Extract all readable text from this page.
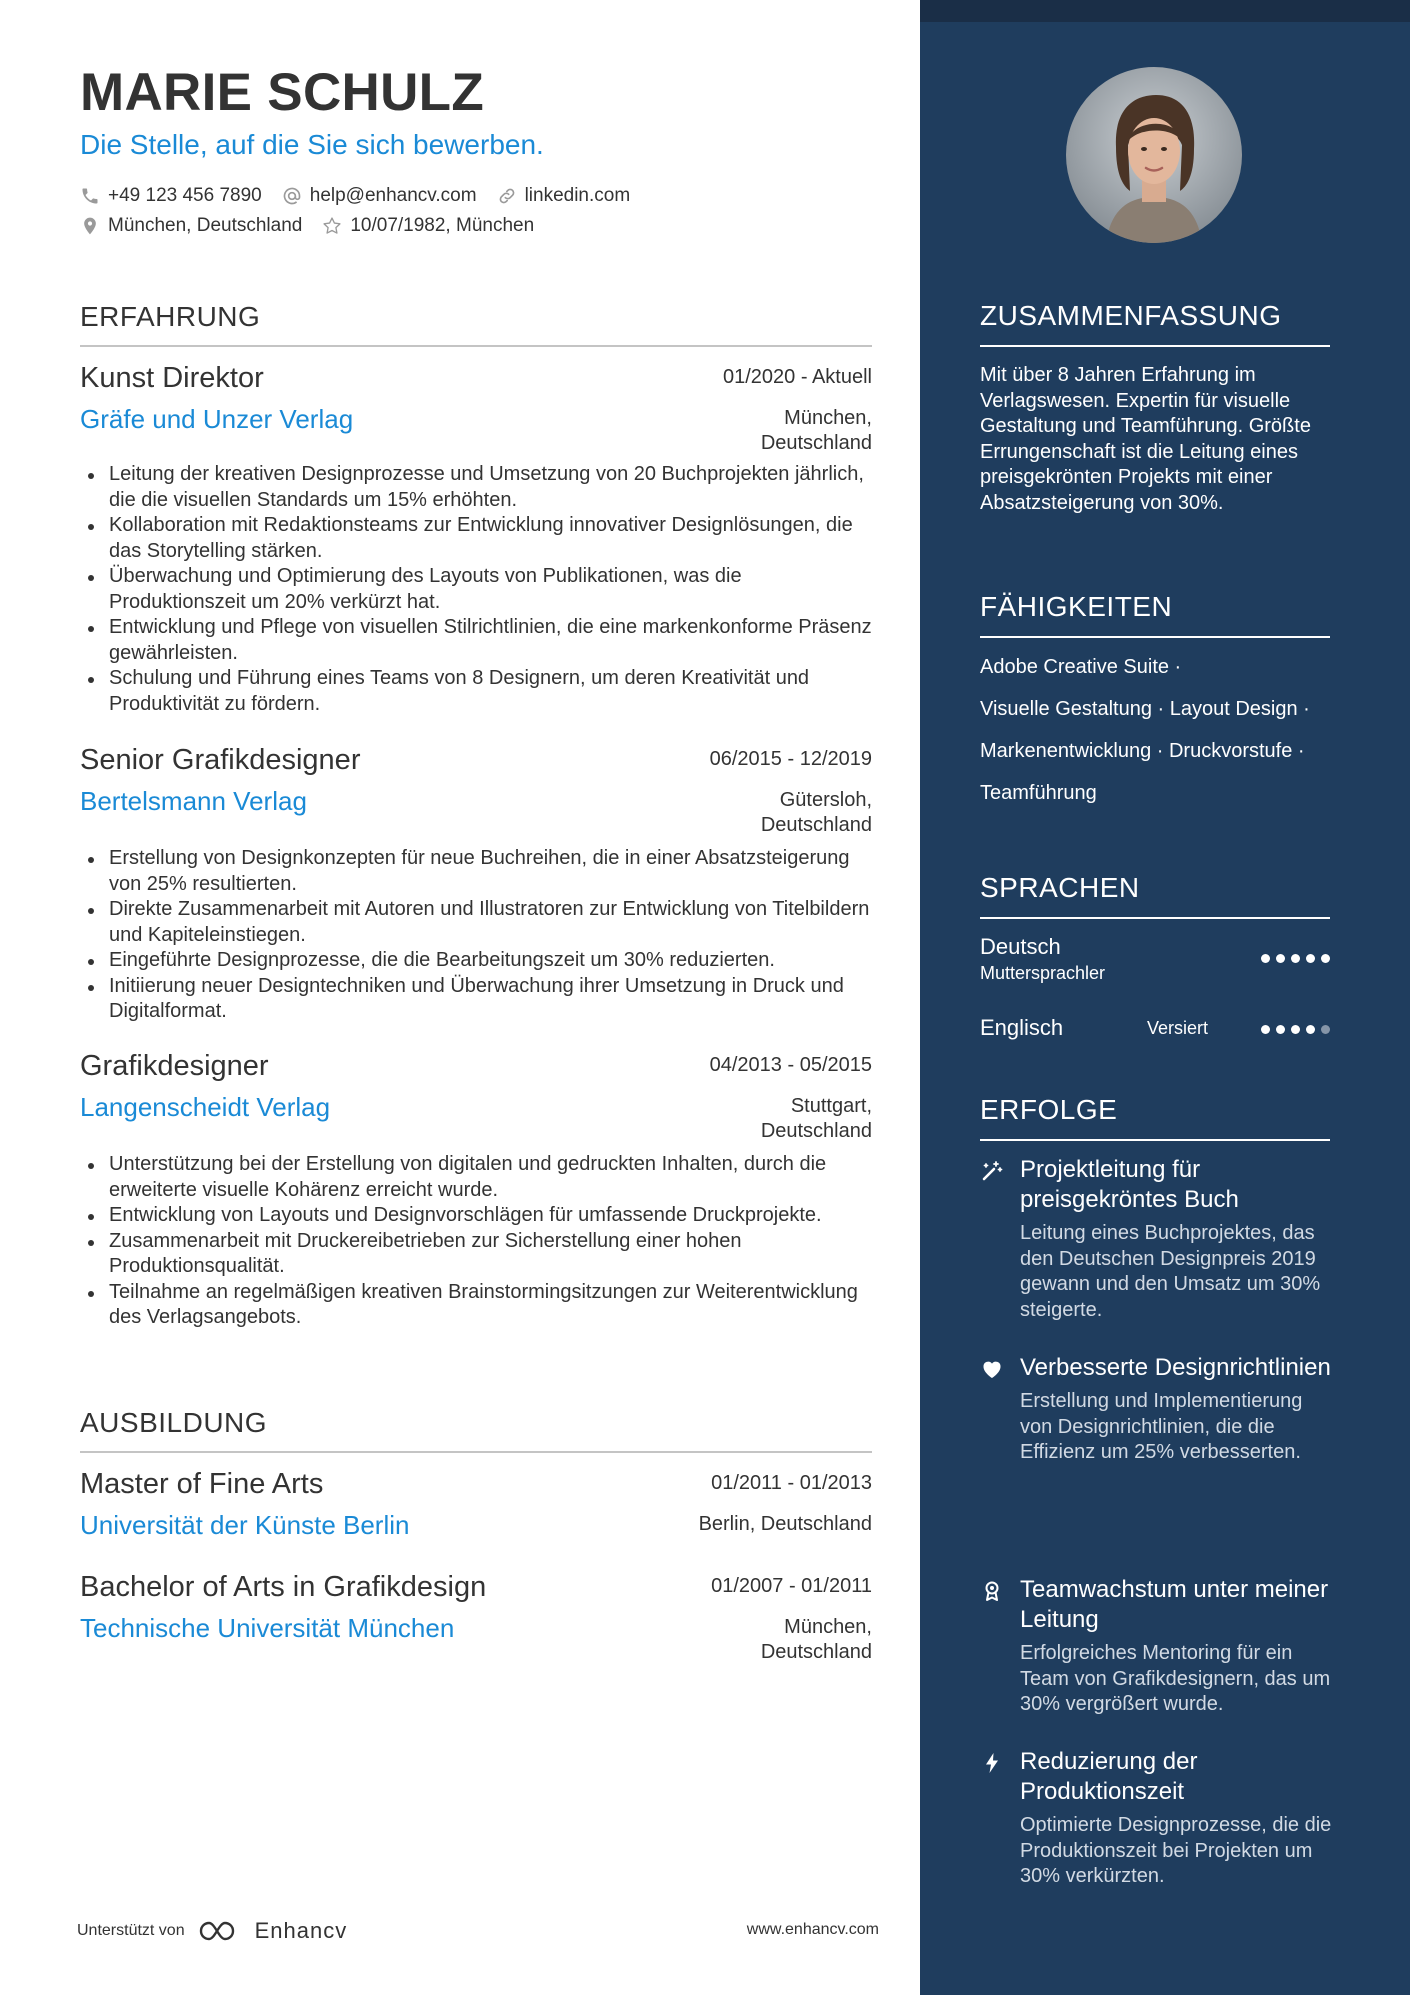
MARIE SCHULZ
Die Stelle, auf die Sie sich bewerben.
+49 123 456 7890	help@enhancv.com	linkedin.com
München, Deutschland	10/07/1982, München
ERFAHRUNG
Kunst Direktor	01/2020 - Aktuell
Gräfe und Unzer Verlag	München,
Deutschland
Leitung der kreativen Designprozesse und Umsetzung von 20 Buchprojekten jährlich, die die visuellen Standards um 15% erhöhten.
Kollaboration mit Redaktionsteams zur Entwicklung innovativer Designlösungen, die das Storytelling stärken.
Überwachung und Optimierung des Layouts von Publikationen, was die Produktionszeit um 20% verkürzt hat.
Entwicklung und Pflege von visuellen Stilrichtlinien, die eine markenkonforme Präsenz gewährleisten.
Schulung und Führung eines Teams von 8 Designern, um deren Kreativität und Produktivität zu fördern.
Senior Grafikdesigner	06/2015 - 12/2019
Bertelsmann Verlag	Gütersloh,
Deutschland
Erstellung von Designkonzepten für neue Buchreihen, die in einer Absatzsteigerung von 25% resultierten.
Direkte Zusammenarbeit mit Autoren und Illustratoren zur Entwicklung von Titelbildern und Kapiteleinstiegen.
Eingeführte Designprozesse, die die Bearbeitungszeit um 30% reduzierten.
Initiierung neuer Designtechniken und Überwachung ihrer Umsetzung in Druck und Digitalformat.
Grafikdesigner	04/2013 - 05/2015
Langenscheidt Verlag	Stuttgart,
Deutschland
Unterstützung bei der Erstellung von digitalen und gedruckten Inhalten, durch die erweiterte visuelle Kohärenz erreicht wurde.
Entwicklung von Layouts und Designvorschlägen für umfassende Druckprojekte.
Zusammenarbeit mit Druckereibetrieben zur Sicherstellung einer hohen Produktionsqualität.
Teilnahme an regelmäßigen kreativen Brainstormingsitzungen zur Weiterentwicklung des Verlagsangebots.
AUSBILDUNG
Master of Fine Arts	01/2011 - 01/2013
Universität der Künste Berlin	Berlin, Deutschland
Bachelor of Arts in Grafikdesign	01/2007 - 01/2011
Technische Universität München	München,
Deutschland
Unterstützt von	Enhancv	www.enhancv.com
ZUSAMMENFASSUNG
Mit über 8 Jahren Erfahrung im Verlagswesen. Expertin für visuelle Gestaltung und Teamführung. Größte Errungenschaft ist die Leitung eines preisgekrönten Projekts mit einer Absatzsteigerung von 30%.
FÄHIGKEITEN
Adobe Creative Suite ·
Visuelle Gestaltung · Layout Design ·
Markenentwicklung · Druckvorstufe ·
Teamführung
SPRACHEN
Deutsch
Muttersprachler
Englisch	Versiert
ERFOLGE
Projektleitung für preisgekröntes Buch
Leitung eines Buchprojektes, das den Deutschen Designpreis 2019 gewann und den Umsatz um 30% steigerte.
Verbesserte Designrichtlinien
Erstellung und Implementierung von Designrichtlinien, die die Effizienz um 25% verbesserten.
Teamwachstum unter meiner Leitung
Erfolgreiches Mentoring für ein Team von Grafikdesignern, das um 30% vergrößert wurde.
Reduzierung der Produktionszeit
Optimierte Designprozesse, die die Produktionszeit bei Projekten um 30% verkürzten.
